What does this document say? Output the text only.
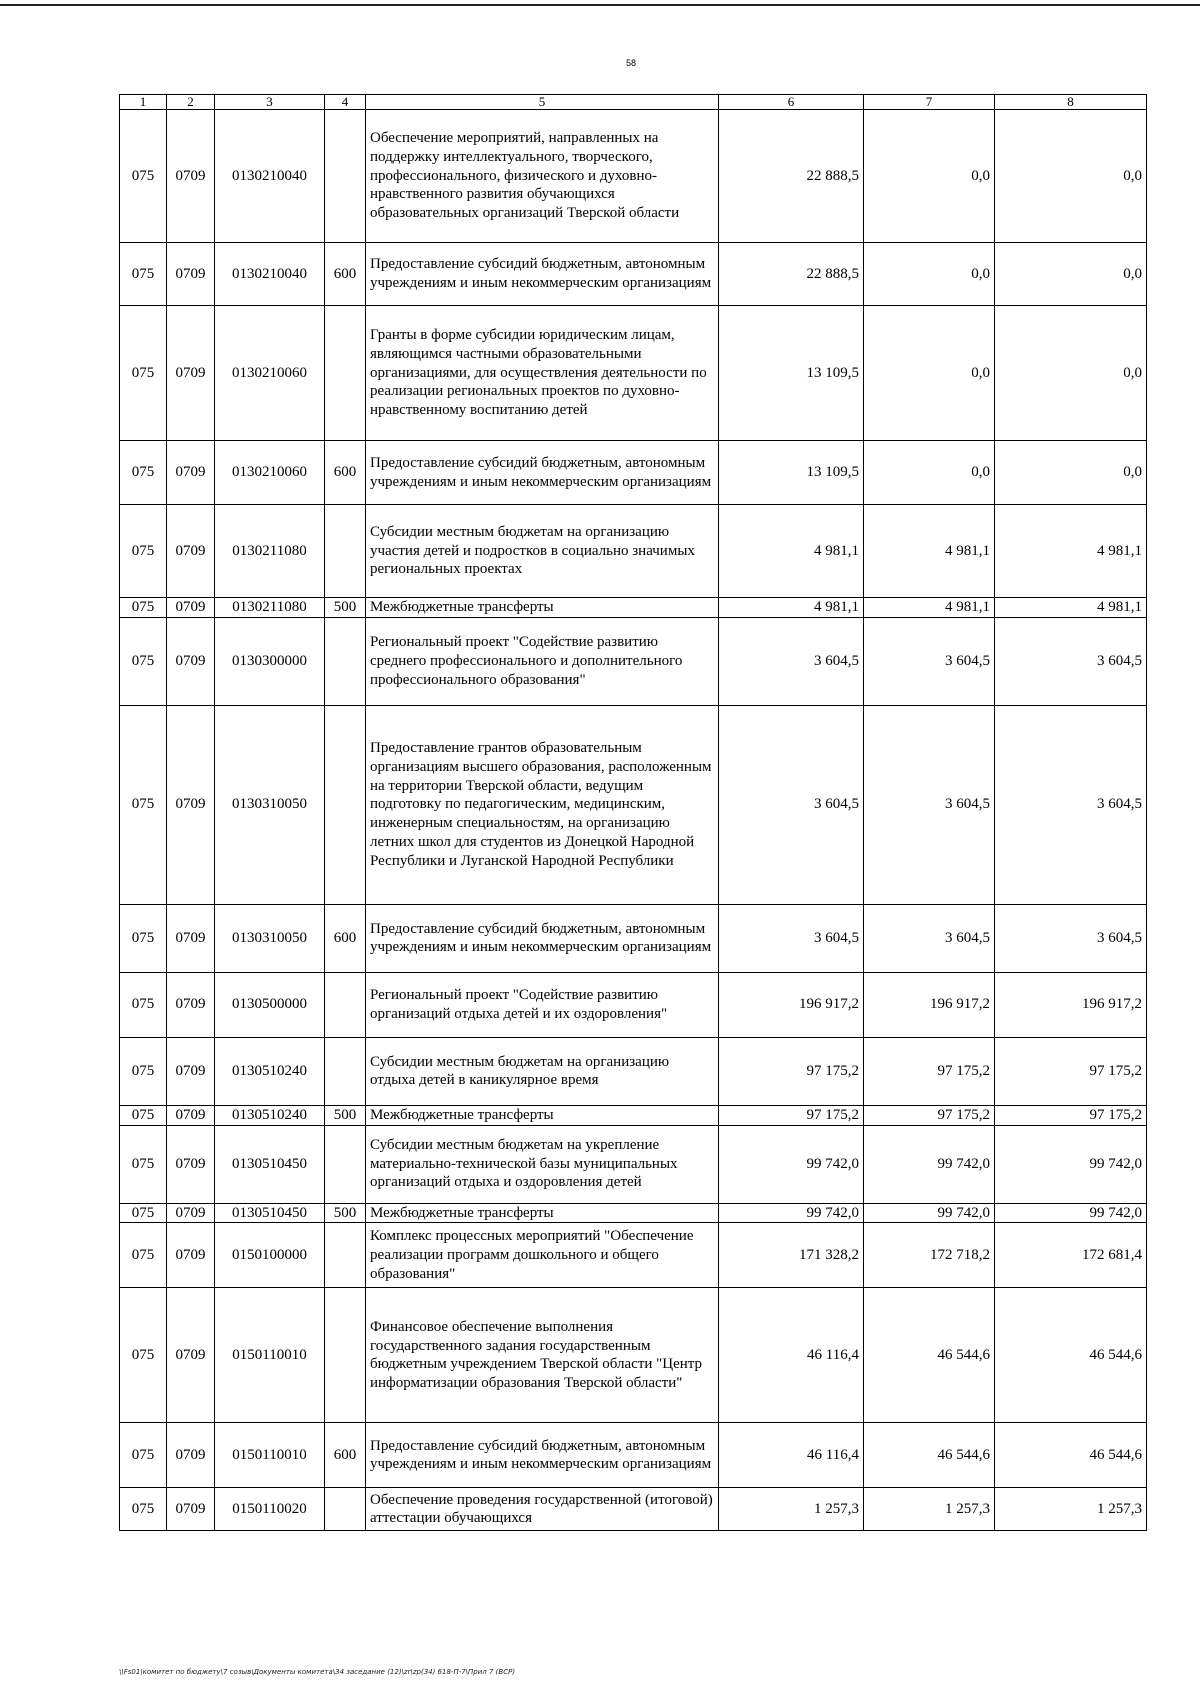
58
1	2	3	4	5	6	7	8
075	0709	0130210040		Обеспечение мероприятий, направленных на поддержку интеллектуального, творческого, профессионального, физического и духовно-нравственного развития обучающихся образовательных организаций Тверской области	22 888,5	0,0	0,0
075	0709	0130210040	600	Предоставление субсидий бюджетным, автономным учреждениям и иным некоммерческим организациям	22 888,5	0,0	0,0
075	0709	0130210060		Гранты в форме субсидии юридическим лицам, являющимся частными образовательными организациями, для осуществления деятельности по реализации региональных проектов по духовно-нравственному воспитанию детей	13 109,5	0,0	0,0
075	0709	0130210060	600	Предоставление субсидий бюджетным, автономным учреждениям и иным некоммерческим организациям	13 109,5	0,0	0,0
075	0709	0130211080		Субсидии местным бюджетам на организацию участия детей и подростков в социально значимых региональных проектах	4 981,1	4 981,1	4 981,1
075	0709	0130211080	500	Межбюджетные трансферты	4 981,1	4 981,1	4 981,1
075	0709	0130300000		Региональный проект "Содействие развитию среднего профессионального и дополнительного профессионального образования"	3 604,5	3 604,5	3 604,5
075	0709	0130310050		Предоставление грантов образовательным организациям высшего образования, расположенным на территории Тверской области, ведущим подготовку по педагогическим, медицинским, инженерным специальностям, на организацию летних школ для студентов из Донецкой Народной Республики и Луганской Народной Республики	3 604,5	3 604,5	3 604,5
075	0709	0130310050	600	Предоставление субсидий бюджетным, автономным учреждениям и иным некоммерческим организациям	3 604,5	3 604,5	3 604,5
075	0709	0130500000		Региональный проект "Содействие развитию организаций отдыха детей и их оздоровления"	196 917,2	196 917,2	196 917,2
075	0709	0130510240		Субсидии местным бюджетам на организацию отдыха детей в каникулярное время	97 175,2	97 175,2	97 175,2
075	0709	0130510240	500	Межбюджетные трансферты	97 175,2	97 175,2	97 175,2
075	0709	0130510450		Субсидии местным бюджетам на укрепление материально-технической базы муниципальных организаций отдыха и оздоровления детей	99 742,0	99 742,0	99 742,0
075	0709	0130510450	500	Межбюджетные трансферты	99 742,0	99 742,0	99 742,0
075	0709	0150100000		Комплекс процессных мероприятий "Обеспечение реализации программ дошкольного и общего образования"	171 328,2	172 718,2	172 681,4
075	0709	0150110010		Финансовое обеспечение выполнения государственного задания государственным бюджетным учреждением Тверской области "Центр информатизации образования Тверской области"	46 116,4	46 544,6	46 544,6
075	0709	0150110010	600	Предоставление субсидий бюджетным, автономным учреждениям и иным некоммерческим организациям	46 116,4	46 544,6	46 544,6
075	0709	0150110020		Обеспечение проведения государственной (итоговой) аттестации обучающихся	1 257,3	1 257,3	1 257,3
\\Fs01\комитет по бюджету\7 созыв\Документы комитета\34 заседание (12)\zr\zp(34) 618-П-7\Прил 7 (ВСР)
